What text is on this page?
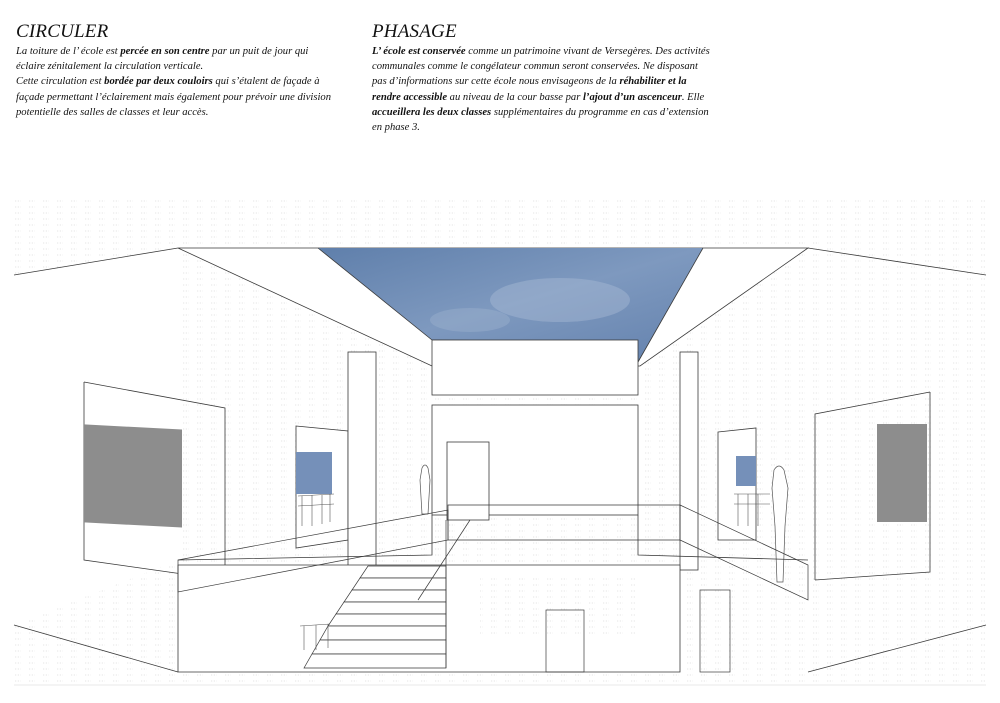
CIRCULER

La toiture de l’ école est percée en son centre par un puit de jour qui éclaire zénitalement la circulation verticale.
Cette circulation est bordée par deux couloirs qui s’étalent de façade à façade permettant l’éclairement mais également pour prévoir une division potentielle des salles de classes et leur accès.

PHASAGE

L’ école est conservée comme un patrimoine vivant de Versegères. Des activités communales comme le congélateur commun seront conservées. Ne disposant pas d’informations sur cette école nous envisageons de la réhabiliter et la rendre accessible au niveau de la cour basse par l’ajout d’un ascenceur. Elle accueillera les deux classes supplémentaires du programme en cas d’extension en phase 3.
